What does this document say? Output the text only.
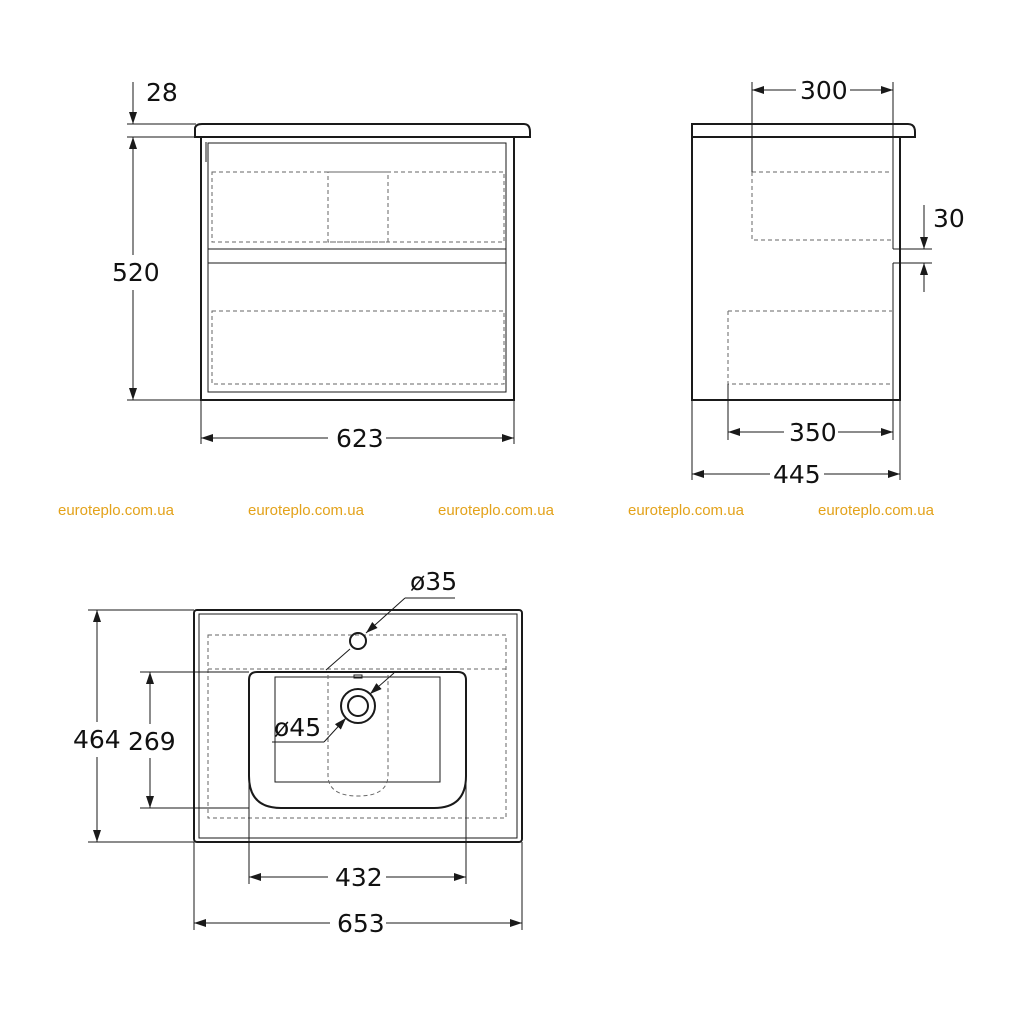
28
520
623
300
30
350
445
euroteplo.com.ua	euroteplo.com.ua	euroteplo.com.ua	euroteplo.com.ua	euroteplo.com.ua
ø35
ø45
464 269
432
653
